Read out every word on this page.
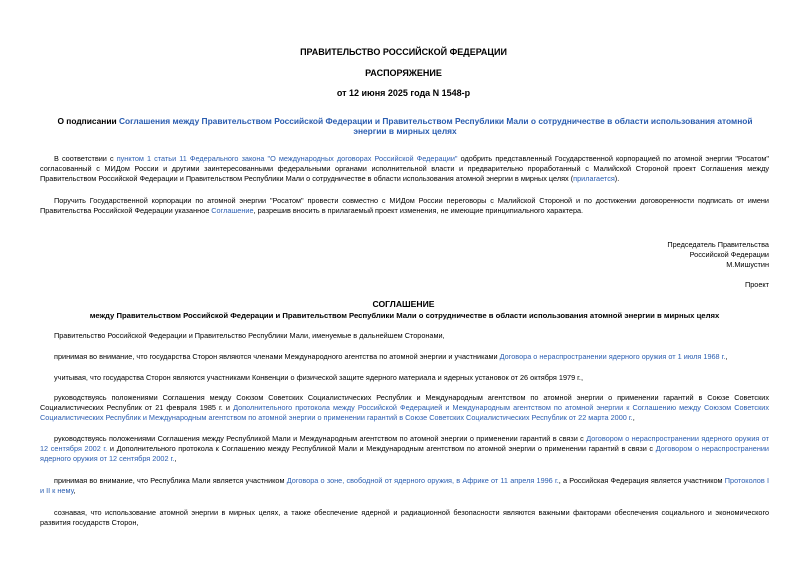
ПРАВИТЕЛЬСТВО РОССИЙСКОЙ ФЕДЕРАЦИИ
РАСПОРЯЖЕНИЕ
от 12 июня 2025 года N 1548-р
О подписании Соглашения между Правительством Российской Федерации и Правительством Республики Мали о сотрудничестве в области использования атомной энергии в мирных целях

В соответствии с пунктом 1 статьи 11 Федерального закона "О международных договорах Российской Федерации" одобрить представленный Государственной корпорацией по атомной энергии "Росатом" согласованный с МИДом России и другими заинтересованными федеральными органами исполнительной власти и предварительно проработанный с Малийской Стороной проект Соглашения между Правительством Российской Федерации и Правительством Республики Мали о сотрудничестве в области использования атомной энергии в мирных целях (прилагается).

Поручить Государственной корпорации по атомной энергии "Росатом" провести совместно с МИДом России переговоры с Малийской Стороной и по достижении договоренности подписать от имени Правительства Российской Федерации указанное Соглашение, разрешив вносить в прилагаемый проект изменения, не имеющие принципиального характера.

Председатель Правительства
Российской Федерации
М.Мишустин
Проект
СОГЛАШЕНИЕ
между Правительством Российской Федерации и Правительством Республики Мали о сотрудничестве в области использования атомной энергии в мирных целях

Правительство Российской Федерации и Правительство Республики Мали, именуемые в дальнейшем Сторонами,

принимая во внимание, что государства Сторон являются членами Международного агентства по атомной энергии и участниками Договора о нераспространении ядерного оружия от 1 июля 1968 г.,

учитывая, что государства Сторон являются участниками Конвенции о физической защите ядерного материала и ядерных установок от 26 октября 1979 г.,

руководствуясь положениями Соглашения между Союзом Советских Социалистических Республик и Международным агентством по атомной энергии о применении гарантий в Союзе Советских Социалистических Республик от 21 февраля 1985 г. и Дополнительного протокола между Российской Федерацией и Международным агентством по атомной энергии к Соглашению между Союзом Советских Социалистических Республик и Международным агентством по атомной энергии о применении гарантий в Союзе Советских Социалистических Республик от 22 марта 2000 г.,

руководствуясь положениями Соглашения между Республикой Мали и Международным агентством по атомной энергии о применении гарантий в связи с Договором о нераспространении ядерного оружия от 12 сентября 2002 г. и Дополнительного протокола к Соглашению между Республикой Мали и Международным агентством по атомной энергии о применении гарантий в связи с Договором о нераспространении ядерного оружия от 12 сентября 2002 г.,

принимая во внимание, что Республика Мали является участником Договора о зоне, свободной от ядерного оружия, в Африке от 11 апреля 1996 г., а Российская Федерация является участником Протоколов I и II к нему,

сознавая, что использование атомной энергии в мирных целях, а также обеспечение ядерной и радиационной безопасности являются важными факторами обеспечения социального и экономического развития государств Сторон,
